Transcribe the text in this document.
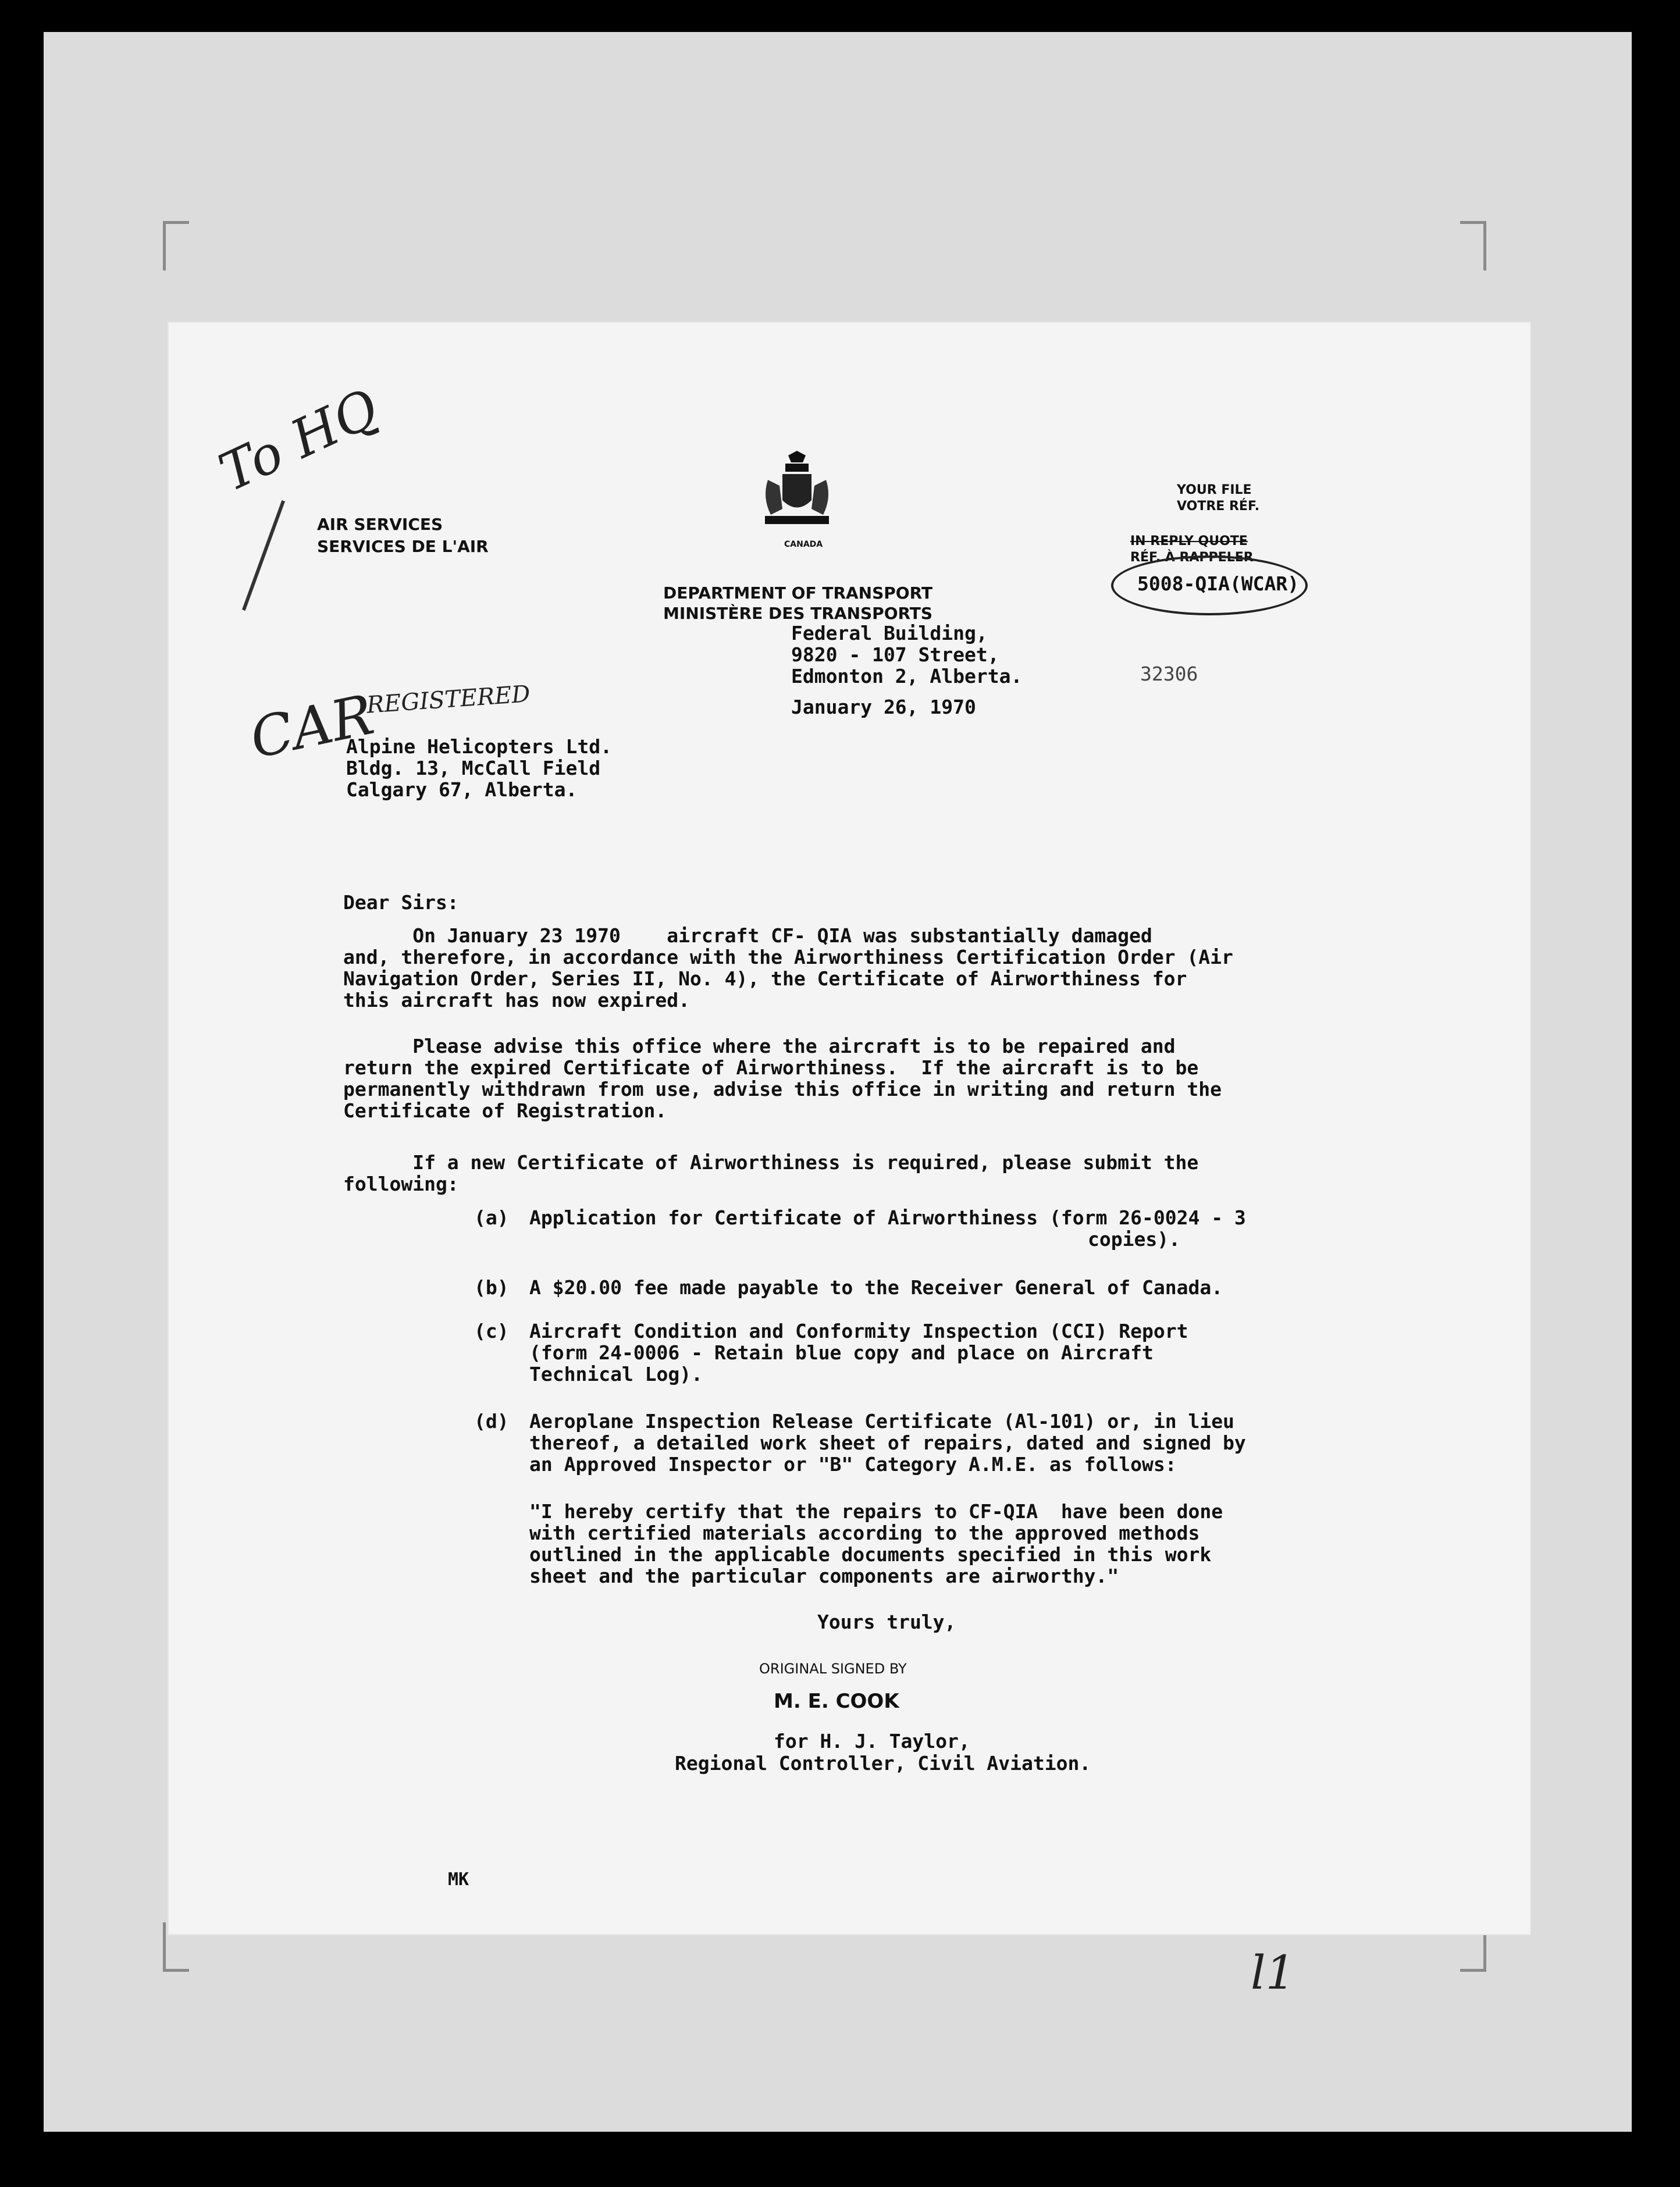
To HQ
CAR
REGISTERED
l1
AIR SERVICES
SERVICES DE L'AIR	CANADA
DEPARTMENT OF TRANSPORT
MINISTÈRE DES TRANSPORTS
YOUR FILE
VOTRE RÉF.
IN REPLY QUOTE
RÉF. À RAPPELER
5008-QIA(WCAR)
32306
Federal Building,
9820 - 107 Street,
Edmonton 2, Alberta.
January 26, 1970
Alpine Helicopters Ltd.
Bldg. 13, McCall Field
Calgary 67, Alberta.
Dear Sirs:
On January 23 1970    aircraft CF- QIA was substantially damaged
and, therefore, in accordance with the Airworthiness Certification Order (Air
Navigation Order, Series II, No. 4), the Certificate of Airworthiness for
this aircraft has now expired.
Please advise this office where the aircraft is to be repaired and
return the expired Certificate of Airworthiness.  If the aircraft is to be
permanently withdrawn from use, advise this office in writing and return the
Certificate of Registration.
If a new Certificate of Airworthiness is required, please submit the
following:
(a) Application for Certificate of Airworthiness (form 26-0024 - 3
copies).
(b) A $20.00 fee made payable to the Receiver General of Canada.
(c) Aircraft Condition and Conformity Inspection (CCI) Report
(form 24-0006 - Retain blue copy and place on Aircraft
Technical Log).
(d) Aeroplane Inspection Release Certificate (Al-101) or, in lieu
thereof, a detailed work sheet of repairs, dated and signed by
an Approved Inspector or "B" Category A.M.E. as follows:
"I hereby certify that the repairs to CF-QIA  have been done
with certified materials according to the approved methods
outlined in the applicable documents specified in this work
sheet and the particular components are airworthy."
Yours truly,
ORIGINAL SIGNED BY
M. E. COOK
for H. J. Taylor,
Regional Controller, Civil Aviation.
MK
